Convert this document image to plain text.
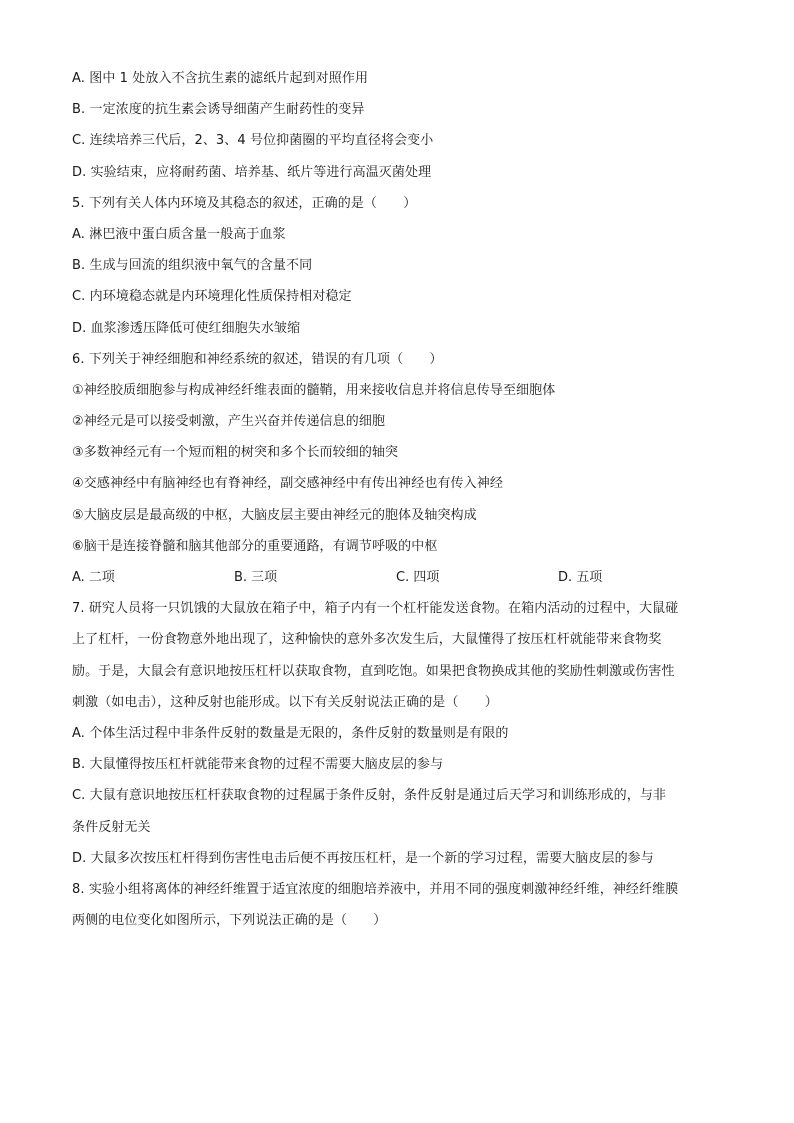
A. 图中 1 处放入不含抗生素的滤纸片起到对照作用
B. 一定浓度的抗生素会诱导细菌产生耐药性的变异
C. 连续培养三代后，2、3、4 号位抑菌圈的平均直径将会变小
D. 实验结束，应将耐药菌、培养基、纸片等进行高温灭菌处理
5. 下列有关人体内环境及其稳态的叙述，正确的是（　　）
A. 淋巴液中蛋白质含量一般高于血浆
B. 生成与回流的组织液中氧气的含量不同
C. 内环境稳态就是内环境理化性质保持相对稳定
D. 血浆渗透压降低可使红细胞失水皱缩
6. 下列关于神经细胞和神经系统的叙述，错误的有几项（　　）
①神经胶质细胞参与构成神经纤维表面的髓鞘，用来接收信息并将信息传导至细胞体
②神经元是可以接受刺激，产生兴奋并传递信息的细胞
③多数神经元有一个短而粗的树突和多个长而较细的轴突
④交感神经中有脑神经也有脊神经，副交感神经中有传出神经也有传入神经
⑤大脑皮层是最高级的中枢，大脑皮层主要由神经元的胞体及轴突构成
⑥脑干是连接脊髓和脑其他部分的重要通路，有调节呼吸的中枢
A. 二项	B. 三项	C. 四项	D. 五项
7. 研究人员将一只饥饿的大鼠放在箱子中，箱子内有一个杠杆能发送食物。在箱内活动的过程中，大鼠碰
上了杠杆，一份食物意外地出现了，这种愉快的意外多次发生后，大鼠懂得了按压杠杆就能带来食物奖
励。于是，大鼠会有意识地按压杠杆以获取食物，直到吃饱。如果把食物换成其他的奖励性刺激或伤害性
刺激（如电击），这种反射也能形成。以下有关反射说法正确的是（　　）
A. 个体生活过程中非条件反射的数量是无限的，条件反射的数量则是有限的
B. 大鼠懂得按压杠杆就能带来食物的过程不需要大脑皮层的参与
C. 大鼠有意识地按压杠杆获取食物的过程属于条件反射，条件反射是通过后天学习和训练形成的，与非
条件反射无关
D. 大鼠多次按压杠杆得到伤害性电击后便不再按压杠杆，是一个新的学习过程，需要大脑皮层的参与
8. 实验小组将离体的神经纤维置于适宜浓度的细胞培养液中，并用不同的强度刺激神经纤维，神经纤维膜
两侧的电位变化如图所示，下列说法正确的是（　　）
